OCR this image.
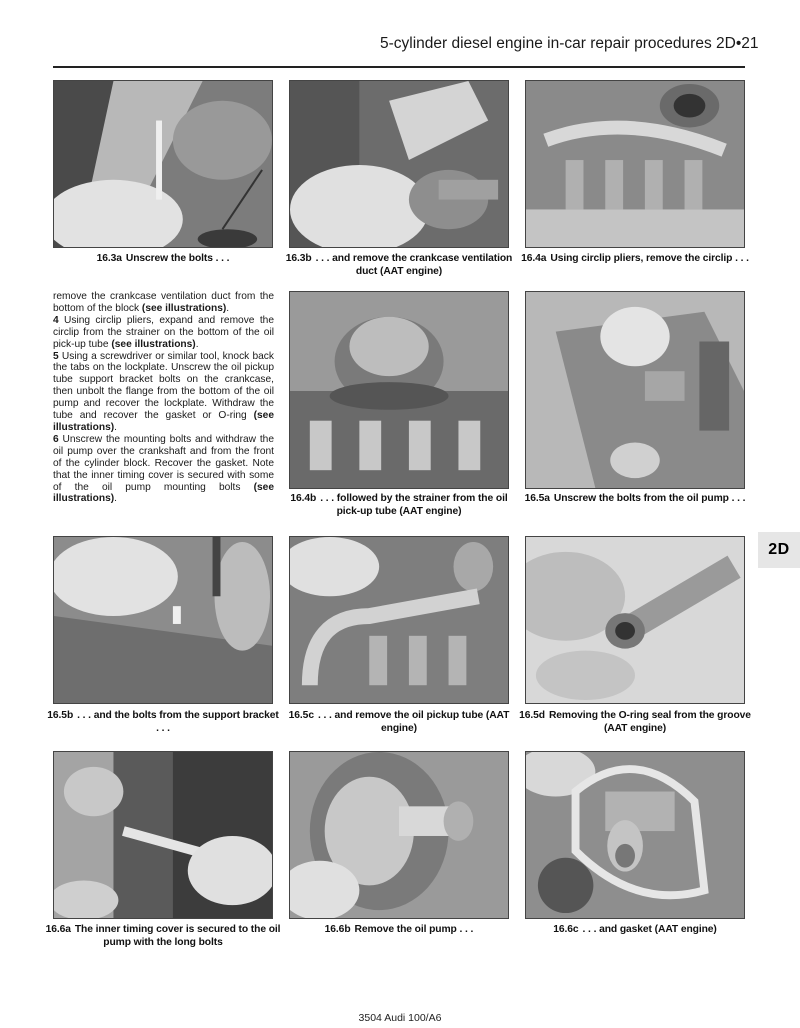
5-cylinder diesel engine in-car repair procedures 2D•21
16.3a Unscrew the bolts . . .	16.3b . . . and remove the crankcase ventilation duct (AAT engine)
16.4a Using circlip pliers, remove the circlip . . .

remove the crankcase ventilation duct from the bottom of the block (see illustrations).

4 Using circlip pliers, expand and remove the circlip from the strainer on the bottom of the oil pick-up tube (see illustrations).

5 Using a screwdriver or similar tool, knock back the tabs on the lockplate. Unscrew the oil pickup tube support bracket bolts on the crankcase, then unbolt the flange from the bottom of the oil pump and recover the lockplate. Withdraw the tube and recover the gasket or O-ring (see illustrations).

6 Unscrew the mounting bolts and withdraw the oil pump over the crankshaft and from the front of the cylinder block. Recover the gasket. Note that the inner timing cover is secured with some of the oil pump mounting bolts (see illustrations).	16.4b . . . followed by the strainer from the oil pick-up tube (AAT engine)
16.5a Unscrew the bolts from the oil pump . . .
2D
16.5b . . . and the bolts from the support bracket . . .
16.5c . . . and remove the oil pickup tube (AAT engine)
16.5d Removing the O-ring seal from the groove (AAT engine)
16.6a The inner timing cover is secured to the oil pump with the long bolts
16.6b Remove the oil pump . . .	16.6c . . . and gasket (AAT engine)
3504 Audi 100/A6
